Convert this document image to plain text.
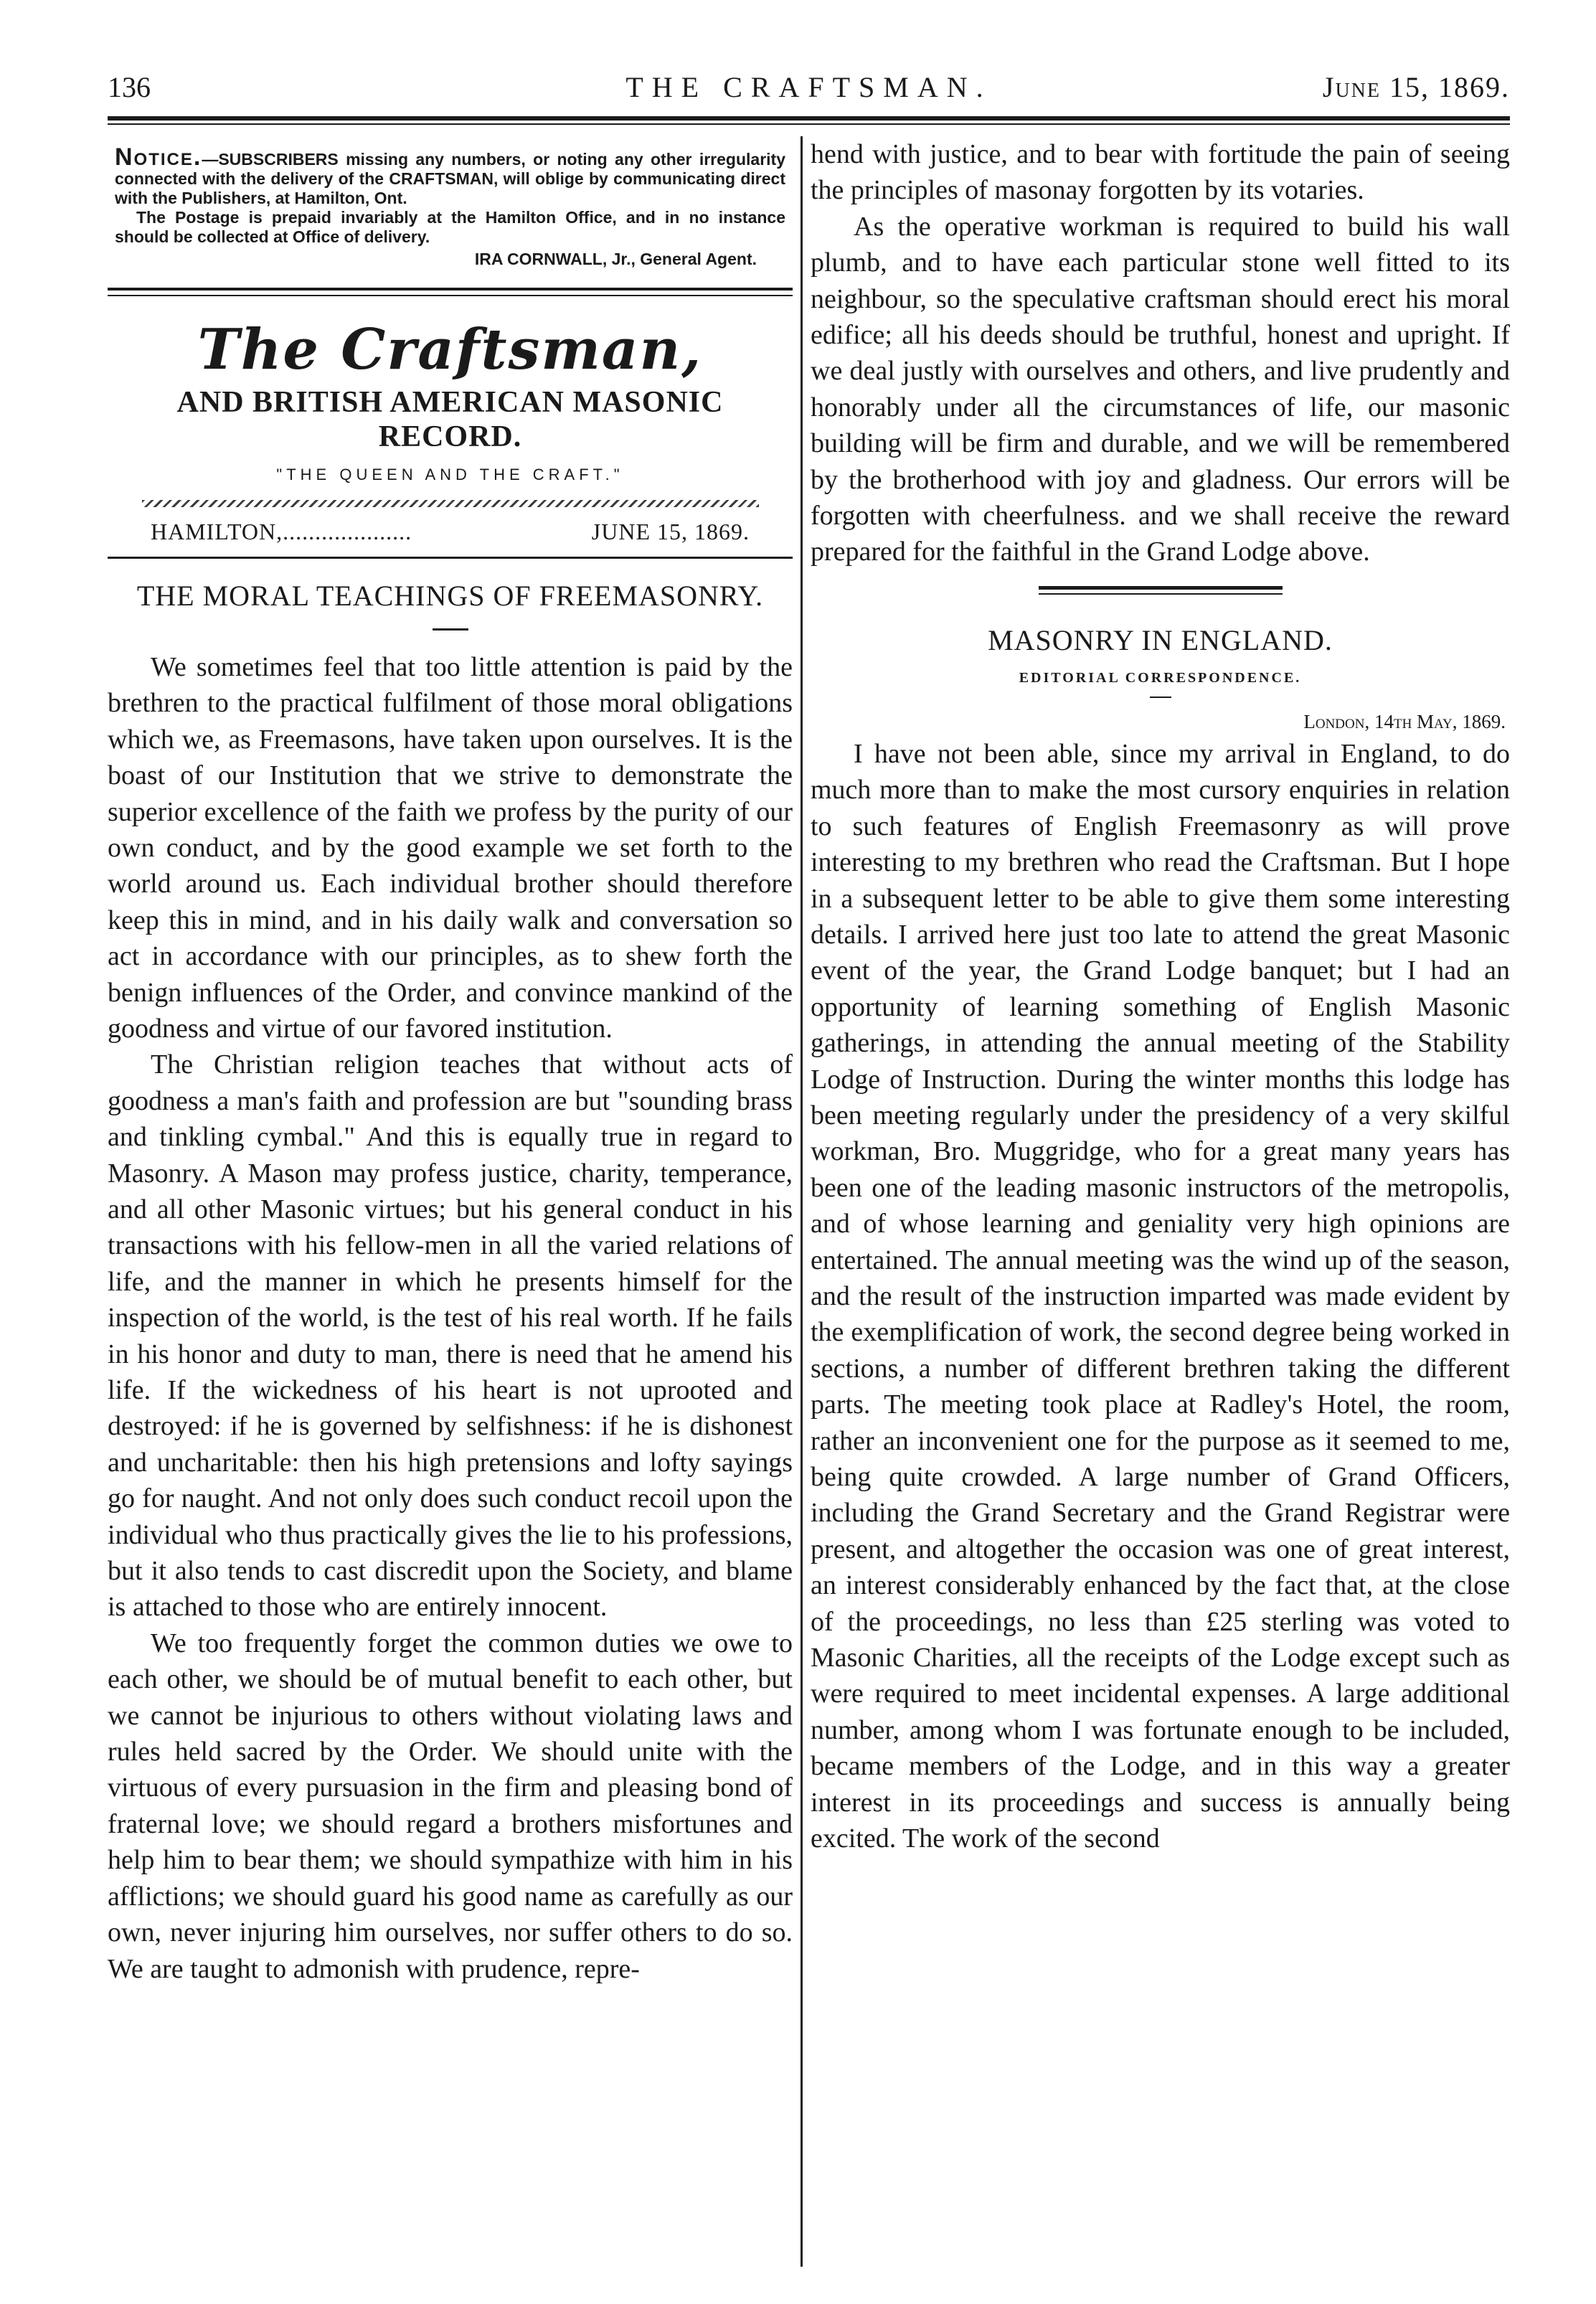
136	THE CRAFTSMAN.	June 15, 1869.

Notice.—SUBSCRIBERS missing any numbers, or noting any other irregularity connected with the delivery of the CRAFTSMAN, will oblige by communicating direct with the Publishers, at Hamilton, Ont.

The Postage is prepaid invariably at the Hamilton Office, and in no instance should be collected at Office of delivery.

IRA CORNWALL, Jr., General Agent.

The Craftsman,
AND BRITISH AMERICAN MASONIC RECORD.
"THE QUEEN AND THE CRAFT."
HAMILTON,....................	JUNE 15, 1869.
THE MORAL TEACHINGS OF FREEMASONRY.

We sometimes feel that too little attention is paid by the brethren to the practical fulfilment of those moral obligations which we, as Freemasons, have taken upon ourselves. It is the boast of our Institution that we strive to demonstrate the superior excellence of the faith we profess by the purity of our own conduct, and by the good example we set forth to the world around us. Each individual brother should therefore keep this in mind, and in his daily walk and conversation so act in accordance with our principles, as to shew forth the benign influences of the Order, and convince mankind of the goodness and virtue of our favored institution.

The Christian religion teaches that without acts of goodness a man's faith and profession are but "sounding brass and tinkling cymbal." And this is equally true in regard to Masonry. A Mason may profess justice, charity, temperance, and all other Masonic virtues; but his general conduct in his transactions with his fellow-men in all the varied relations of life, and the manner in which he presents himself for the inspection of the world, is the test of his real worth. If he fails in his honor and duty to man, there is need that he amend his life. If the wickedness of his heart is not uprooted and destroyed: if he is governed by selfishness: if he is dishonest and uncharitable: then his high pretensions and lofty sayings go for naught. And not only does such conduct recoil upon the individual who thus practically gives the lie to his professions, but it also tends to cast discredit upon the Society, and blame is attached to those who are entirely innocent.

We too frequently forget the common duties we owe to each other, we should be of mutual benefit to each other, but we cannot be injurious to others without violating laws and rules held sacred by the Order. We should unite with the virtuous of every pursuasion in the firm and pleasing bond of fraternal love; we should regard a brothers misfortunes and help him to bear them; we should sympathize with him in his afflictions; we should guard his good name as carefully as our own, never injuring him ourselves, nor suffer others to do so. We are taught to admonish with prudence, repre-

hend with justice, and to bear with fortitude the pain of seeing the principles of masonay forgotten by its votaries.

As the operative workman is required to build his wall plumb, and to have each particular stone well fitted to its neighbour, so the speculative craftsman should erect his moral edifice; all his deeds should be truthful, honest and upright. If we deal justly with ourselves and others, and live prudently and honorably under all the circumstances of life, our masonic building will be firm and durable, and we will be remembered by the brotherhood with joy and gladness. Our errors will be forgotten with cheerfulness. and we shall receive the reward prepared for the faithful in the Grand Lodge above.

MASONRY IN ENGLAND.
EDITORIAL CORRESPONDENCE.
London, 14th May, 1869.

I have not been able, since my arrival in England, to do much more than to make the most cursory enquiries in relation to such features of English Freemasonry as will prove interesting to my brethren who read the Craftsman. But I hope in a subsequent letter to be able to give them some interesting details. I arrived here just too late to attend the great Masonic event of the year, the Grand Lodge banquet; but I had an opportunity of learning something of English Masonic gatherings, in attending the annual meeting of the Stability Lodge of Instruction. During the winter months this lodge has been meeting regularly under the presidency of a very skilful workman, Bro. Muggridge, who for a great many years has been one of the leading masonic instructors of the metropolis, and of whose learning and geniality very high opinions are entertained. The annual meeting was the wind up of the season, and the result of the instruction imparted was made evident by the exemplification of work, the second degree being worked in sections, a number of different brethren taking the different parts. The meeting took place at Radley's Hotel, the room, rather an inconvenient one for the purpose as it seemed to me, being quite crowded. A large number of Grand Officers, including the Grand Secretary and the Grand Registrar were present, and altogether the occasion was one of great interest, an interest considerably enhanced by the fact that, at the close of the proceedings, no less than £25 sterling was voted to Masonic Charities, all the receipts of the Lodge except such as were required to meet incidental expenses. A large additional number, among whom I was fortunate enough to be included, became members of the Lodge, and in this way a greater interest in its proceedings and success is annually being excited. The work of the second
